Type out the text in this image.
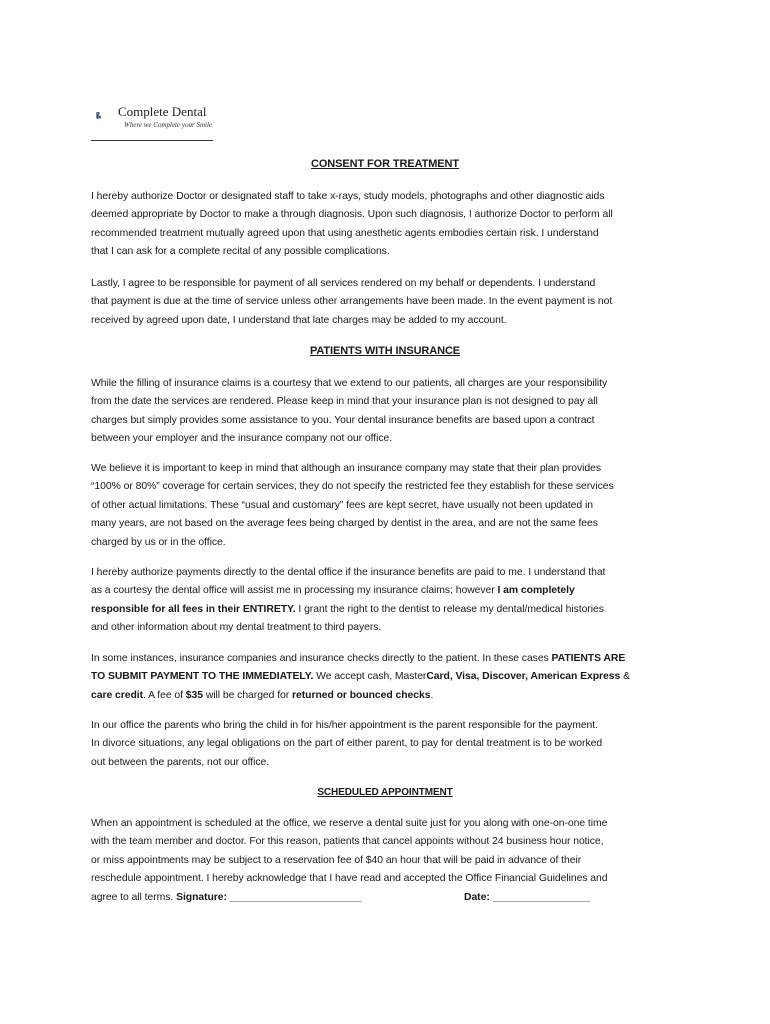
Complete Dental
Where we Complete your Smile
CONSENT FOR TREATMENT
I hereby authorize Doctor or designated staff to take x-rays, study models, photographs and other diagnostic aids
deemed appropriate by Doctor to make a through diagnosis. Upon such diagnosis, I authorize Doctor to perform all
recommended treatment mutually agreed upon that using anesthetic agents embodies certain risk. I understand
that I can ask for a complete recital of any possible complications.
Lastly, I agree to be responsible for payment of all services rendered on my behalf or dependents. I understand
that payment is due at the time of service unless other arrangements have been made. In the event payment is not
received by agreed upon date, I understand that late charges may be added to my account.
PATIENTS WITH INSURANCE
While the filling of insurance claims is a courtesy that we extend to our patients, all charges are your responsibility
from the date the services are rendered. Please keep in mind that your insurance plan is not designed to pay all
charges but simply provides some assistance to you. Your dental insurance benefits are based upon a contract
between your employer and the insurance company not our office.
We believe it is important to keep in mind that although an insurance company may state that their plan provides
“100% or 80%” coverage for certain services, they do not specify the restricted fee they establish for these services
of other actual limitations. These “usual and customary” fees are kept secret, have usually not been updated in
many years, are not based on the average fees being charged by dentist in the area, and are not the same fees
charged by us or in the office.
I hereby authorize payments directly to the dental office if the insurance benefits are paid to me. I understand that
as a courtesy the dental office will assist me in processing my insurance claims; however I am completely
responsible for all fees in their ENTIRETY. I grant the right to the dentist to release my dental/medical histories
and other information about my dental treatment to third payers.
In some instances, insurance companies and insurance checks directly to the patient. In these cases PATIENTS ARE
TO SUBMIT PAYMENT TO THE IMMEDIATELY. We accept cash, MasterCard, Visa, Discover, American Express &
care credit. A fee of $35 will be charged for returned or bounced checks.
In our office the parents who bring the child in for his/her appointment is the parent responsible for the payment.
In divorce situations, any legal obligations on the part of either parent, to pay for dental treatment is to be worked
out between the parents, not our office.
SCHEDULED APPOINTMENT
When an appointment is scheduled at the office, we reserve a dental suite just for you along with one-on-one time
with the team member and doctor. For this reason, patients that cancel appoints without 24 business hour notice,
or miss appointments may be subject to a reservation fee of $40 an hour that will be paid in advance of their
reschedule appointment. I hereby acknowledge that I have read and accepted the Office Financial Guidelines and
agree to all terms. Signature: _______________________	Date: _________________
